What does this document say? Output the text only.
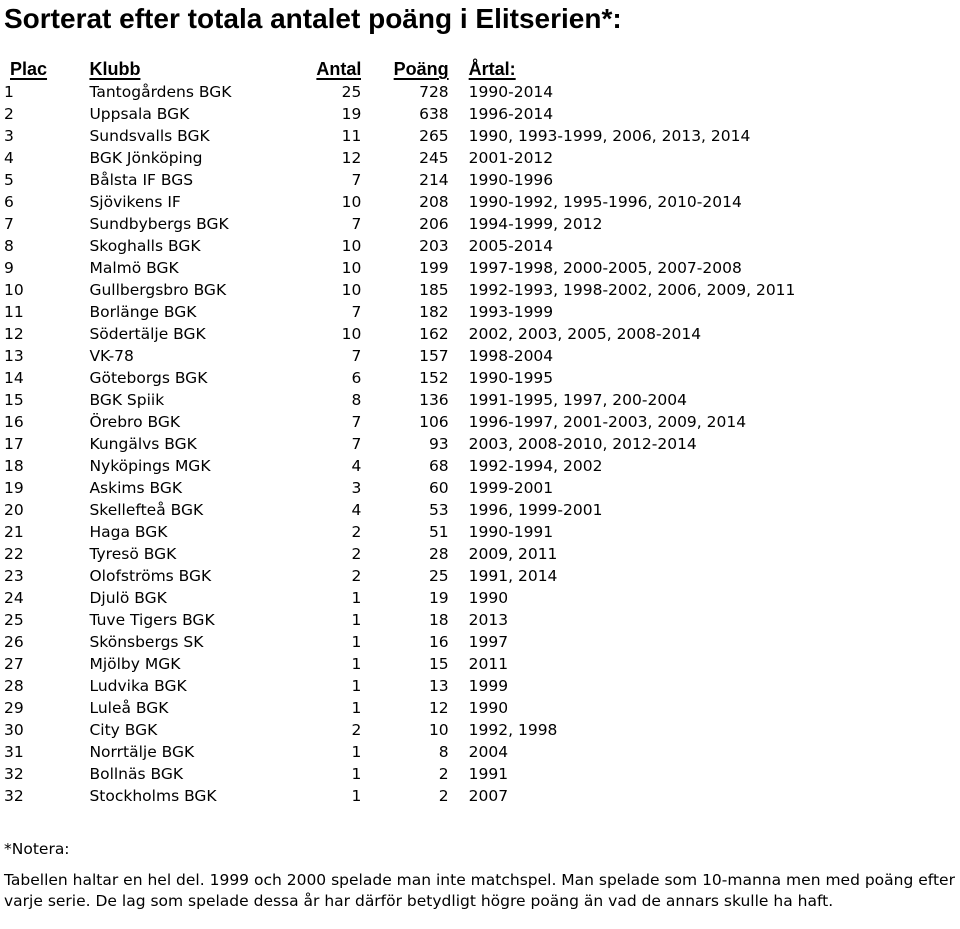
Sorterat efter totala antalet poäng i Elitserien*:
Plac	Klubb	Antal	Poäng	Årtal:
1	Tantogårdens BGK	25	728	1990-2014
2	Uppsala BGK	19	638	1996-2014
3	Sundsvalls BGK	11	265	1990, 1993-1999, 2006, 2013, 2014
4	BGK Jönköping	12	245	2001-2012
5	Bålsta IF BGS	7	214	1990-1996
6	Sjövikens IF	10	208	1990-1992, 1995-1996, 2010-2014
7	Sundbybergs BGK	7	206	1994-1999, 2012
8	Skoghalls BGK	10	203	2005-2014
9	Malmö BGK	10	199	1997-1998, 2000-2005, 2007-2008
10	Gullbergsbro BGK	10	185	1992-1993, 1998-2002, 2006, 2009, 2011
11	Borlänge BGK	7	182	1993-1999
12	Södertälje BGK	10	162	2002, 2003, 2005, 2008-2014
13	VK-78	7	157	1998-2004
14	Göteborgs BGK	6	152	1990-1995
15	BGK Spiik	8	136	1991-1995, 1997, 200-2004
16	Örebro BGK	7	106	1996-1997, 2001-2003, 2009, 2014
17	Kungälvs BGK	7	93	2003, 2008-2010, 2012-2014
18	Nyköpings MGK	4	68	1992-1994, 2002
19	Askims BGK	3	60	1999-2001
20	Skellefteå BGK	4	53	1996, 1999-2001
21	Haga BGK	2	51	1990-1991
22	Tyresö BGK	2	28	2009, 2011
23	Olofströms BGK	2	25	1991, 2014
24	Djulö BGK	1	19	1990
25	Tuve Tigers BGK	1	18	2013
26	Skönsbergs SK	1	16	1997
27	Mjölby MGK	1	15	2011
28	Ludvika BGK	1	13	1999
29	Luleå BGK	1	12	1990
30	City BGK	2	10	1992, 1998
31	Norrtälje BGK	1	8	2004
32	Bollnäs BGK	1	2	1991
32	Stockholms BGK	1	2	2007
*Notera:
Tabellen haltar en hel del. 1999 och 2000 spelade man inte matchspel. Man spelade som 10-manna men med poäng efter varje serie. De lag som spelade dessa år har därför betydligt högre poäng än vad de annars skulle ha haft.
